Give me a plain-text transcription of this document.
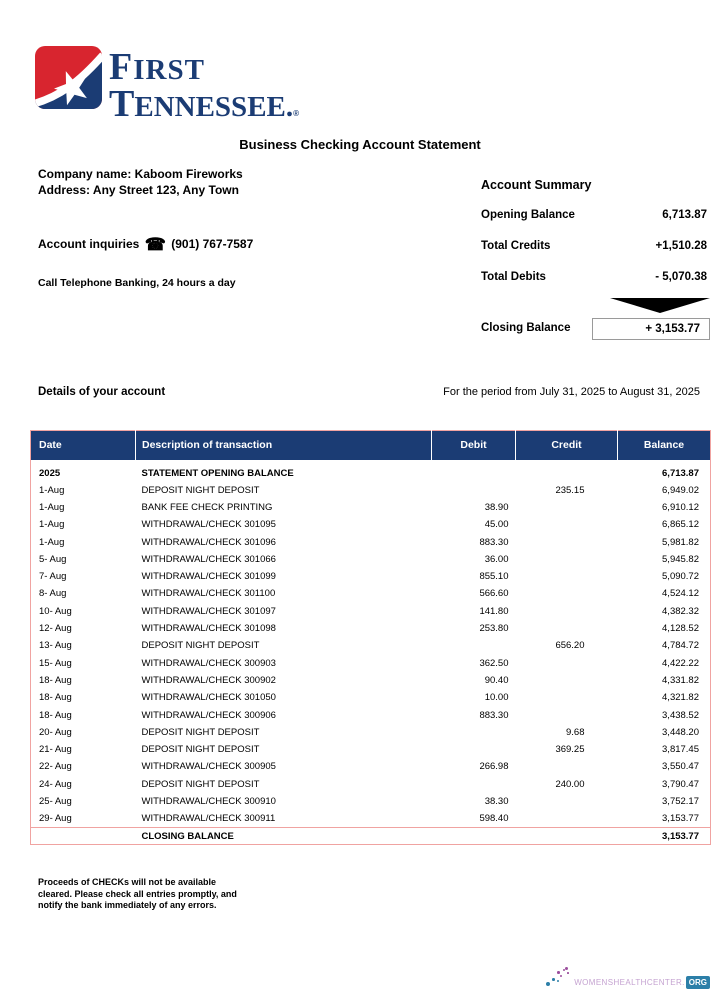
FIRST
TENNESSEE.®
Business Checking Account Statement
Company name: Kaboom Fireworks
Address: Any Street 123, Any Town
Account inquiries ☎ (901) 767-7587
Call Telephone Banking, 24 hours a day
Account Summary
Opening Balance	6,713.87
Total Credits	+1,510.28
Total Debits	- 5,070.38
Closing Balance	+ 3,153.77
Details of your account	For the period from July 31, 2025 to August 31, 2025
Date	Description of transaction	Debit	Credit	Balance
2025	STATEMENT OPENING BALANCE			6,713.87
1-Aug	DEPOSIT NIGHT DEPOSIT		235.15	6,949.02
1-Aug	BANK FEE CHECK PRINTING	38.90		6,910.12
1-Aug	WITHDRAWAL/CHECK 301095	45.00		6,865.12
1-Aug	WITHDRAWAL/CHECK 301096	883.30		5,981.82
5- Aug	WITHDRAWAL/CHECK 301066	36.00		5,945.82
7- Aug	WITHDRAWAL/CHECK 301099	855.10		5,090.72
8- Aug	WITHDRAWAL/CHECK 301100	566.60		4,524.12
10- Aug	WITHDRAWAL/CHECK 301097	141.80		4,382.32
12- Aug	WITHDRAWAL/CHECK 301098	253.80		4,128.52
13- Aug	DEPOSIT NIGHT DEPOSIT		656.20	4,784.72
15- Aug	WITHDRAWAL/CHECK 300903	362.50		4,422.22
18- Aug	WITHDRAWAL/CHECK 300902	90.40		4,331.82
18- Aug	WITHDRAWAL/CHECK 301050	10.00		4,321.82
18- Aug	WITHDRAWAL/CHECK 300906	883.30		3,438.52
20- Aug	DEPOSIT NIGHT DEPOSIT		9.68	3,448.20
21- Aug	DEPOSIT NIGHT DEPOSIT		369.25	3,817.45
22- Aug	WITHDRAWAL/CHECK 300905	266.98		3,550.47
24- Aug	DEPOSIT NIGHT DEPOSIT		240.00	3,790.47
25- Aug	WITHDRAWAL/CHECK 300910	38.30		3,752.17
29- Aug	WITHDRAWAL/CHECK 300911	598.40		3,153.77
	CLOSING BALANCE			3,153.77
Proceeds of CHECKs will not be available
cleared. Please check all entries promptly, and
notify the bank immediately of any errors.
WOMENSHEALTHCENTER. ORG
